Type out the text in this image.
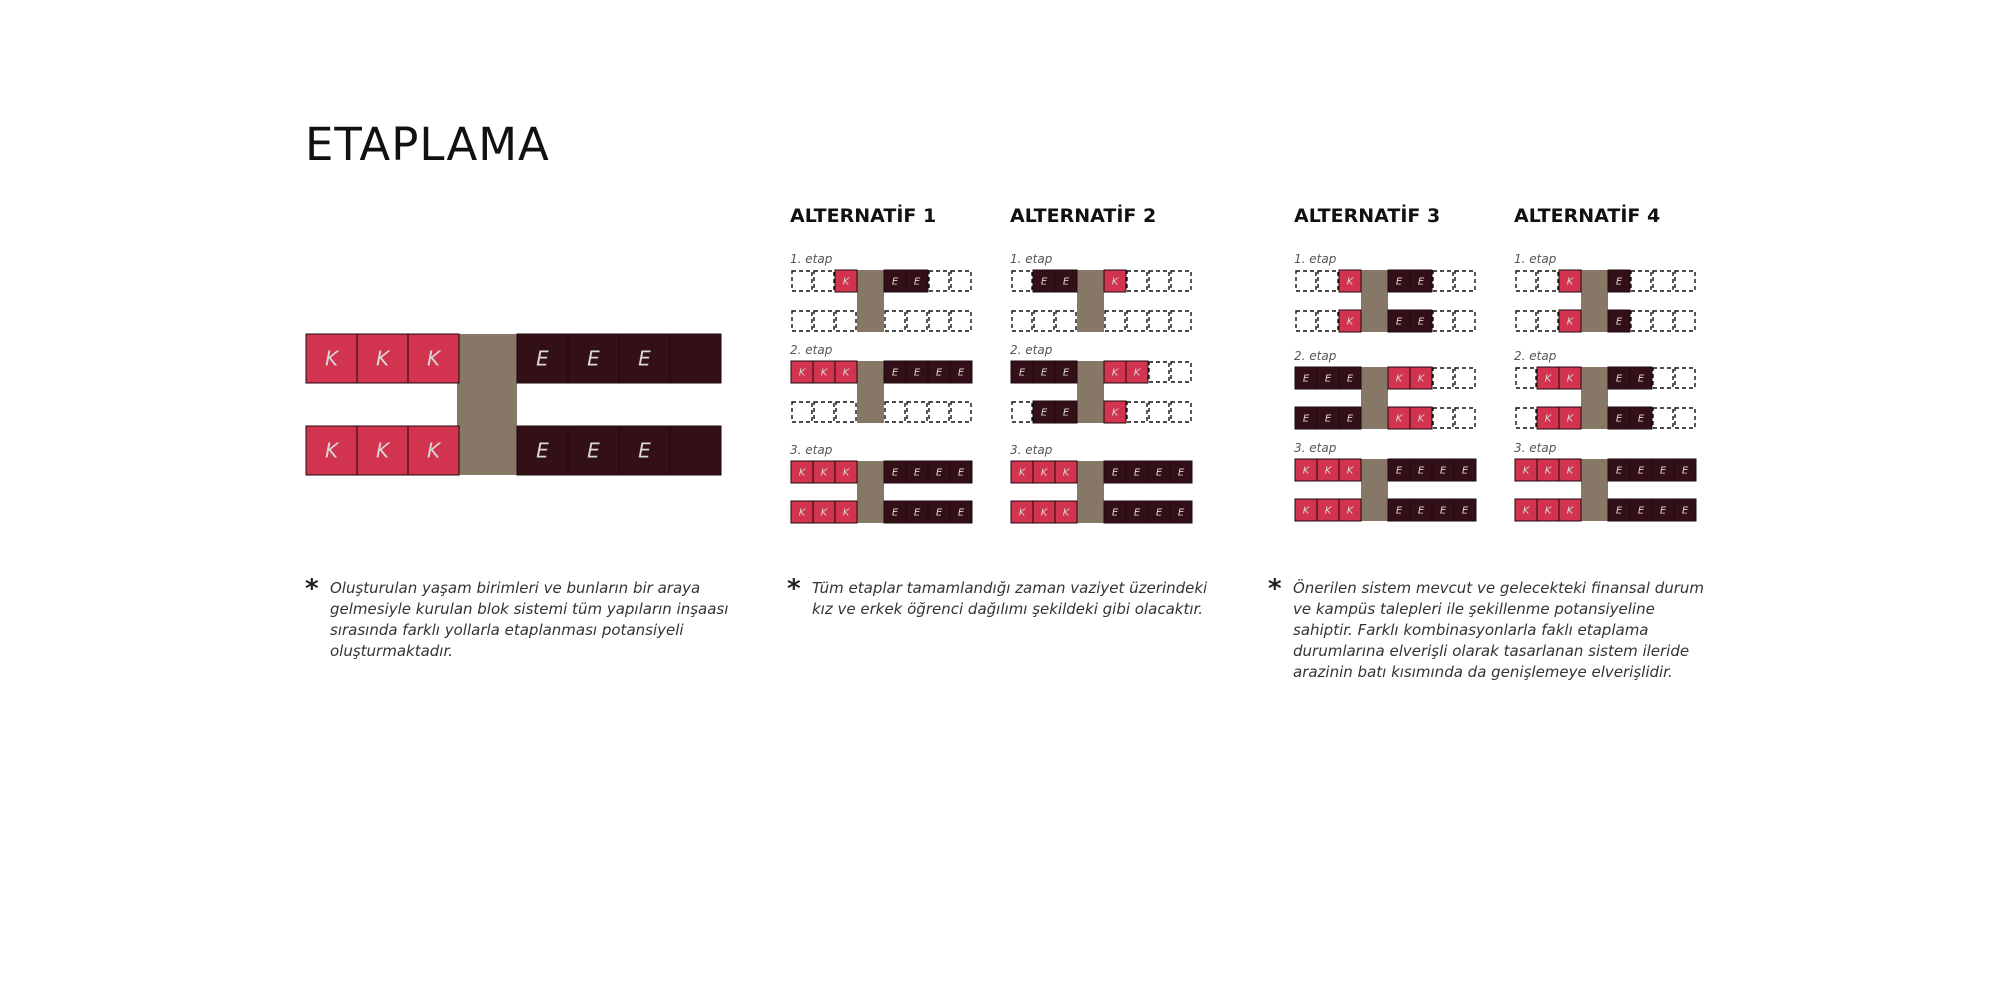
ETAPLAMA
K K K	E E E
K K K	E E E
ALTERNATİF 1
1. etap
2. etap
3. etap
K	E E
K K K	E E E E
K K K	E E E E
K K K	E E E E
ALTERNATİF 2
1. etap
2. etap
3. etap
E E	K
E E E	K K
E E	K
K K K	E E E E
K K K	E E E E
ALTERNATİF 3
1. etap
2. etap
3. etap
K	E E
K	E E
E E E	K K
E E E	K K
K K K	E E E E
K K K	E E E E
ALTERNATİF 4
1. etap
2. etap
3. etap
K	E
K	E
K K	E E
K K	E E
K K K	E E E E
K K K	E E E E
* Oluşturulan yaşam birimleri ve bunların bir araya
gelmesiyle kurulan blok sistemi tüm yapıların inşaası
sırasında farklı yollarla etaplanması potansiyeli
oluşturmaktadır.
* Tüm etaplar tamamlandığı zaman vaziyet üzerindeki
kız ve erkek öğrenci dağılımı şekildeki gibi olacaktır.
* Önerilen sistem mevcut ve gelecekteki finansal durum
ve kampüs talepleri ile şekillenme potansiyeline
sahiptir. Farklı kombinasyonlarla faklı etaplama
durumlarına elverişli olarak tasarlanan sistem ileride
arazinin batı kısımında da genişlemeye elverişlidir.
